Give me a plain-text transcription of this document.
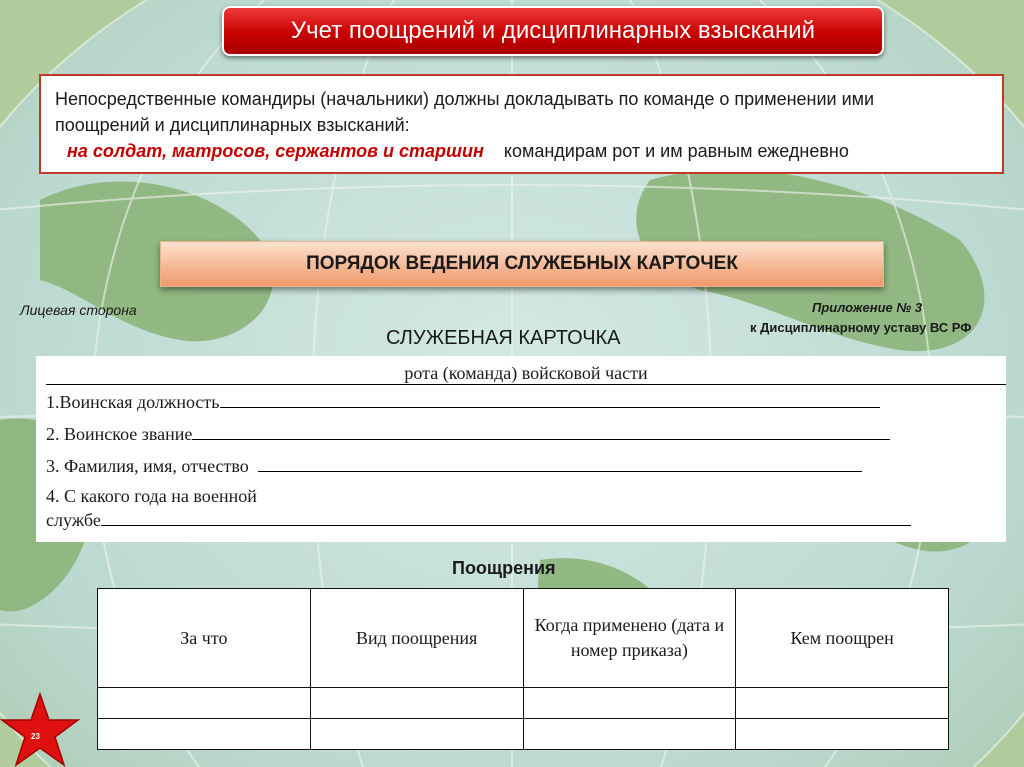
Учет поощрений и дисциплинарных взысканий
Непосредственные командиры (начальники) должны докладывать по команде о применении ими
поощрений и дисциплинарных взысканий:
на солдат, матросов, сержантов и старшин командирам рот и им равным ежедневно
ПОРЯДОК ВЕДЕНИЯ СЛУЖЕБНЫХ КАРТОЧЕК
Лицевая сторона	Приложение № 3
к Дисциплинарному уставу ВС РФ
СЛУЖЕБНАЯ КАРТОЧКА
рота (команда) войсковой части
1.Воинская должность
2. Воинское звание
3. Фамилия, имя, отчество
4. С какого года на военной
службе
Поощрения
За что	Вид поощрения	Когда применено (дата и номер приказа)	Кем поощрен

23
